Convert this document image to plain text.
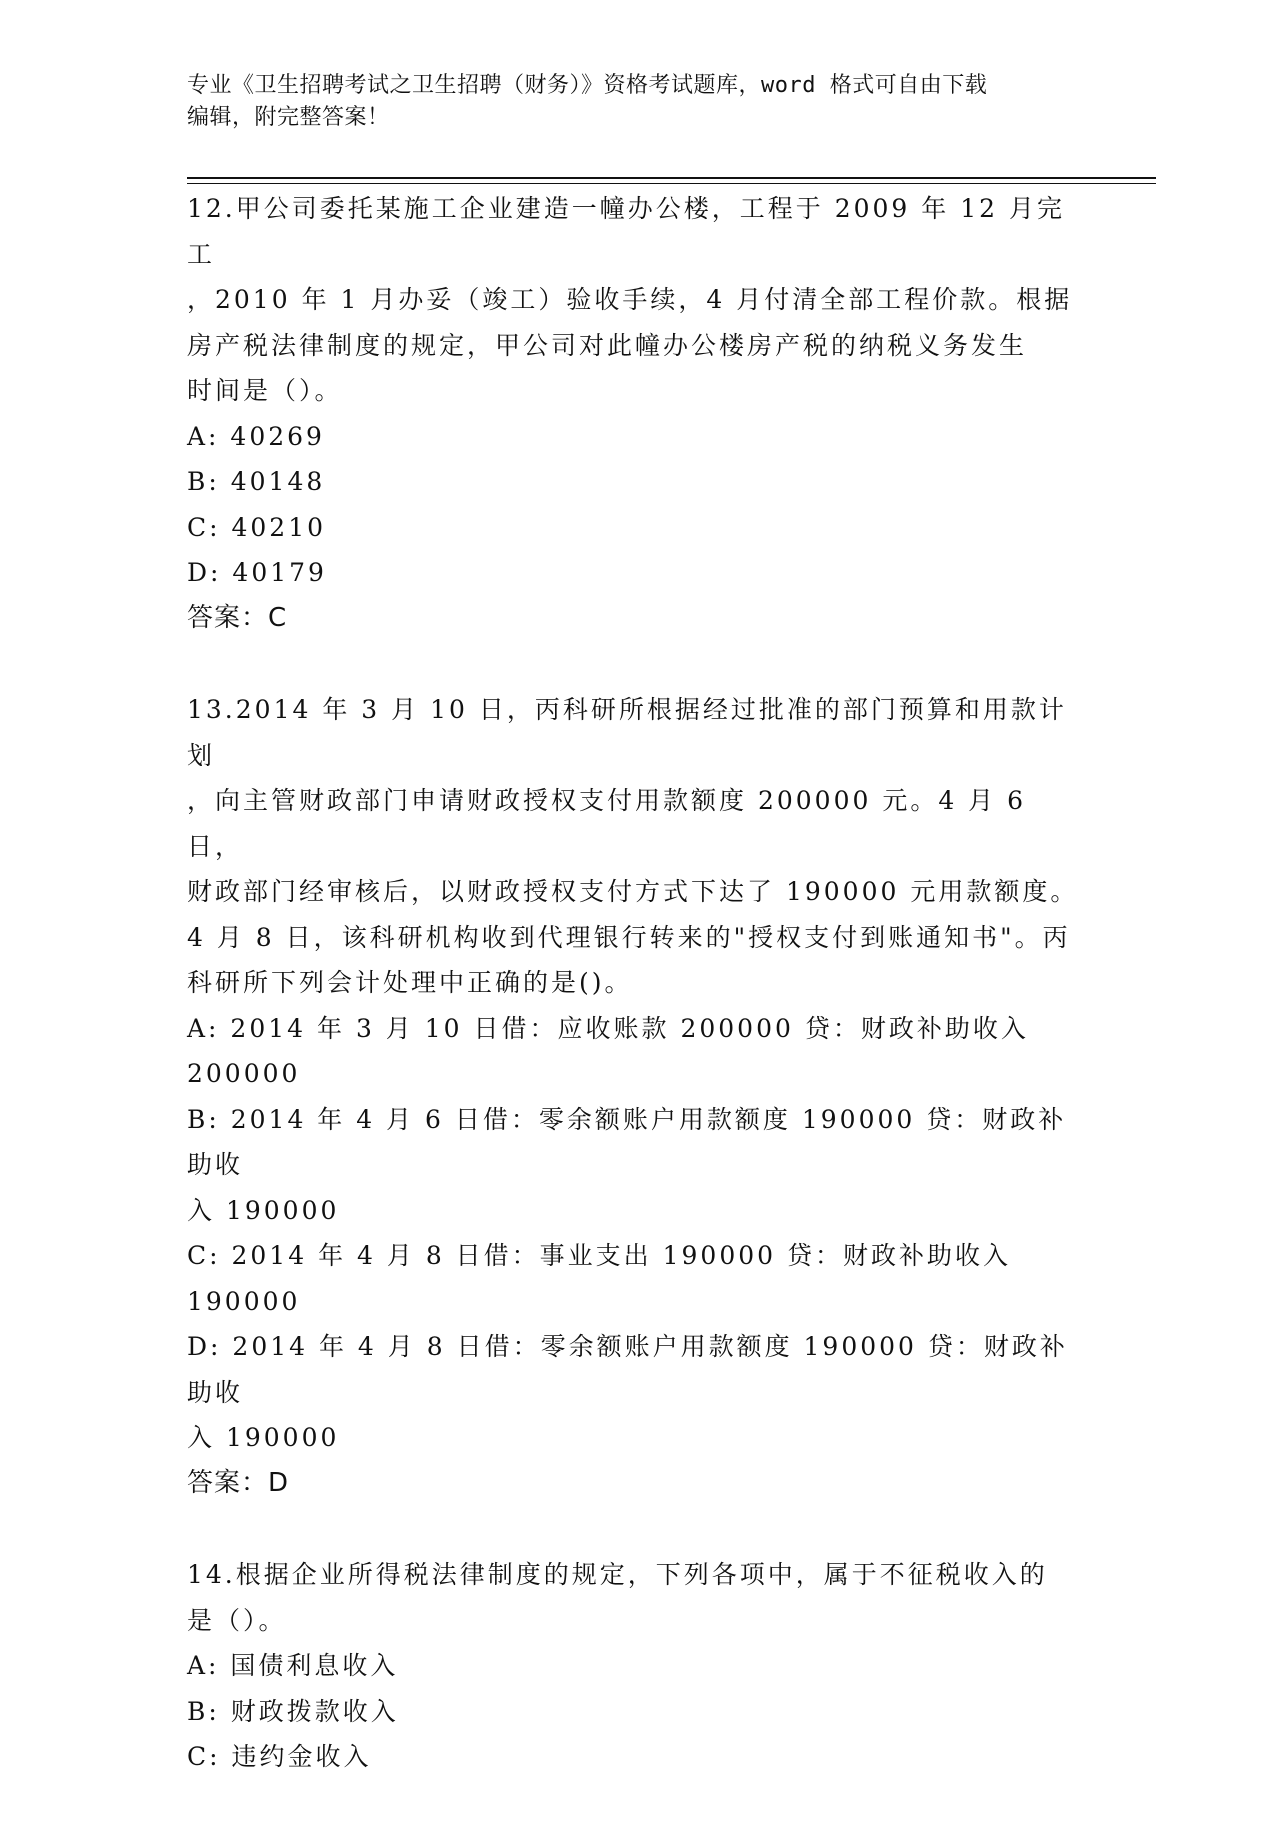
专业《卫生招聘考试之卫生招聘（财务）》资格考试题库，word 格式可自由下载
编辑，附完整答案！

12.甲公司委托某施工企业建造一幢办公楼，工程于 2009 年 12 月完工

，2010 年 1 月办妥（竣工）验收手续，4 月付清全部工程价款。根据

房产税法律制度的规定，甲公司对此幢办公楼房产税的纳税义务发生

时间是（）。

A: 40269

B: 40148

C: 40210

D: 40179

答案：C

13.2014 年 3 月 10 日，丙科研所根据经过批准的部门预算和用款计划

，向主管财政部门申请财政授权支付用款额度 200000 元。4 月 6 日，

财政部门经审核后，以财政授权支付方式下达了 190000 元用款额度。

4 月 8 日，该科研机构收到代理银行转来的"授权支付到账通知书"。丙

科研所下列会计处理中正确的是()。

A: 2014 年 3 月 10 日借：应收账款 200000 贷：财政补助收入 200000

B: 2014 年 4 月 6 日借：零余额账户用款额度 190000 贷：财政补助收

入 190000

C: 2014 年 4 月 8 日借：事业支出 190000 贷：财政补助收入 190000

D: 2014 年 4 月 8 日借：零余额账户用款额度 190000 贷：财政补助收

入 190000

答案：D

14.根据企业所得税法律制度的规定，下列各项中，属于不征税收入的

是（）。

A: 国债利息收入

B: 财政拨款收入

C: 违约金收入
